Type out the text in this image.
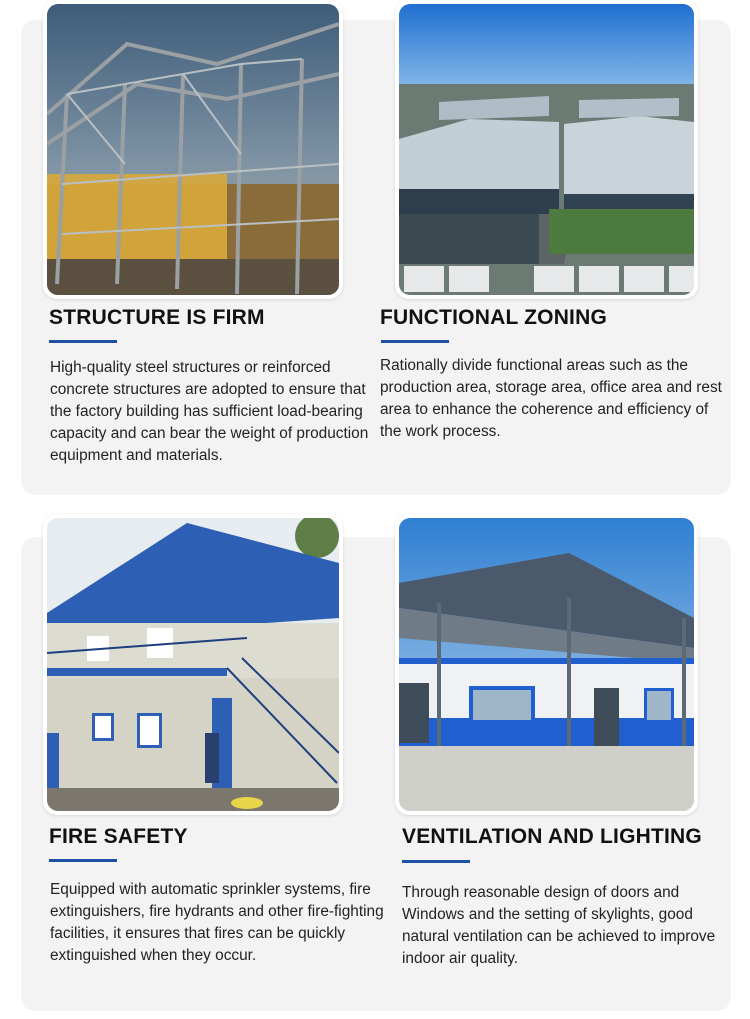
STRUCTURE IS FIRM
High-quality steel structures or reinforced concrete structures are adopted to ensure that the factory building has sufficient load-bearing capacity and can bear the weight of production equipment and materials.
FUNCTIONAL ZONING
Rationally divide functional areas such as the production area, storage area, office area and rest area to enhance the coherence and efficiency of the work process.
FIRE SAFETY
Equipped with automatic sprinkler systems, fire extinguishers, fire hydrants and other fire-fighting facilities, it ensures that fires can be quickly extinguished when they occur.
VENTILATION AND LIGHTING
Through reasonable design of doors and Windows and the setting of skylights, good natural ventilation can be achieved to improve indoor air quality.
